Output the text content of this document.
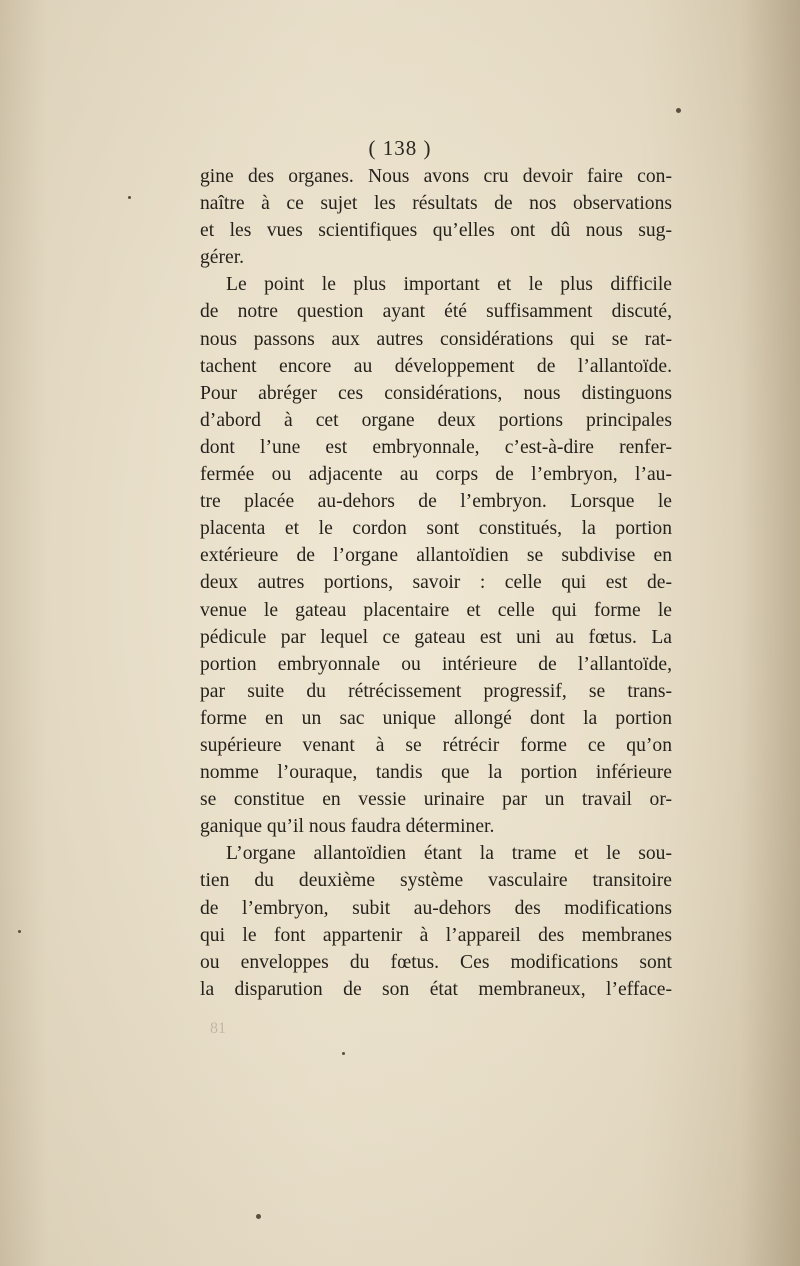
( 138 )
gine des organes. Nous avons cru devoir faire con-
naître à ce sujet les résultats de nos observations
et les vues scientifiques qu’elles ont dû nous sug-
gérer.
Le point le plus important et le plus difficile
de notre question ayant été suffisamment discuté,
nous passons aux autres considérations qui se rat-
tachent encore au développement de l’allantoïde.
Pour abréger ces considérations, nous distinguons
d’abord à cet organe deux portions principales
dont l’une est embryonnale, c’est-à-dire renfer-
fermée ou adjacente au corps de l’embryon, l’au-
tre placée au-dehors de l’embryon. Lorsque le
placenta et le cordon sont constitués, la portion
extérieure de l’organe allantoïdien se subdivise en
deux autres portions, savoir : celle qui est de-
venue le gateau placentaire et celle qui forme le
pédicule par lequel ce gateau est uni au fœtus. La
portion embryonnale ou intérieure de l’allantoïde,
par suite du rétrécissement progressif, se trans-
forme en un sac unique allongé dont la portion
supérieure venant à se rétrécir forme ce qu’on
nomme l’ouraque, tandis que la portion inférieure
se constitue en vessie urinaire par un travail or-
ganique qu’il nous faudra déterminer.
L’organe allantoïdien étant la trame et le sou-
tien du deuxième système vasculaire transitoire
de l’embryon, subit au-dehors des modifications
qui le font appartenir à l’appareil des membranes
ou enveloppes du fœtus. Ces modifications sont
la disparution de son état membraneux, l’efface-
81
